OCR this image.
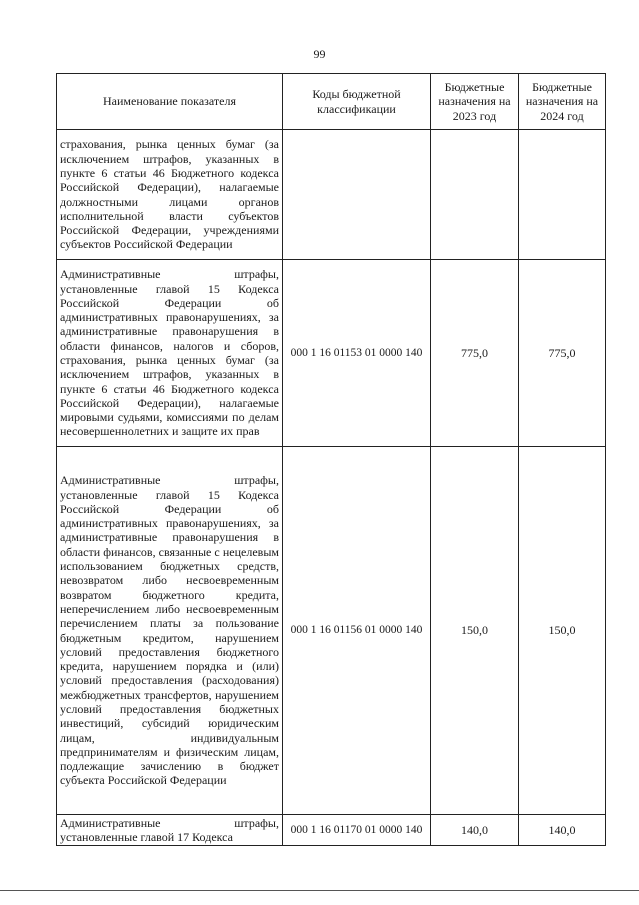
99
Наименование показателя	Коды бюджетной классификации	Бюджетные назначения на 2023 год	Бюджетные назначения на 2024 год
страхования, рынка ценных бумаг (за исключением штрафов, указанных в пункте 6 статьи 46 Бюджетного кодекса Российской Федерации), налагаемые должностными лицами органов исполнительной власти субъектов Российской Федерации, учреждениями субъектов Российской Федерации			
Административные штрафы, установленные главой 15 Кодекса Российской Федерации об административных правонарушениях, за административные правонарушения в области финансов, налогов и сборов, страхования, рынка ценных бумаг (за исключением штрафов, указанных в пункте 6 статьи 46 Бюджетного кодекса Российской Федерации), налагаемые мировыми судьями, комиссиями по делам несовершеннолетних и защите их прав	000 1 16 01153 01 0000 140	775,0	775,0
Административные штрафы, установленные главой 15 Кодекса Российской Федерации об административных правонарушениях, за административные правонарушения в области финансов, связанные с нецелевым использованием бюджетных средств, невозвратом либо несвоевременным возвратом бюджетного кредита, неперечислением либо несвоевременным перечислением платы за пользование бюджетным кредитом, нарушением условий предоставления бюджетного кредита, нарушением порядка и (или) условий предоставления (расходования) межбюджетных трансфертов, нарушением условий предоставления бюджетных инвестиций, субсидий юридическим лицам, индивидуальным предпринимателям и физическим лицам, подлежащие зачислению в бюджет субъекта Российской Федерации	000 1 16 01156 01 0000 140	150,0	150,0
Административные штрафы, установленные главой 17 Кодекса	000 1 16 01170 01 0000 140	140,0	140,0
